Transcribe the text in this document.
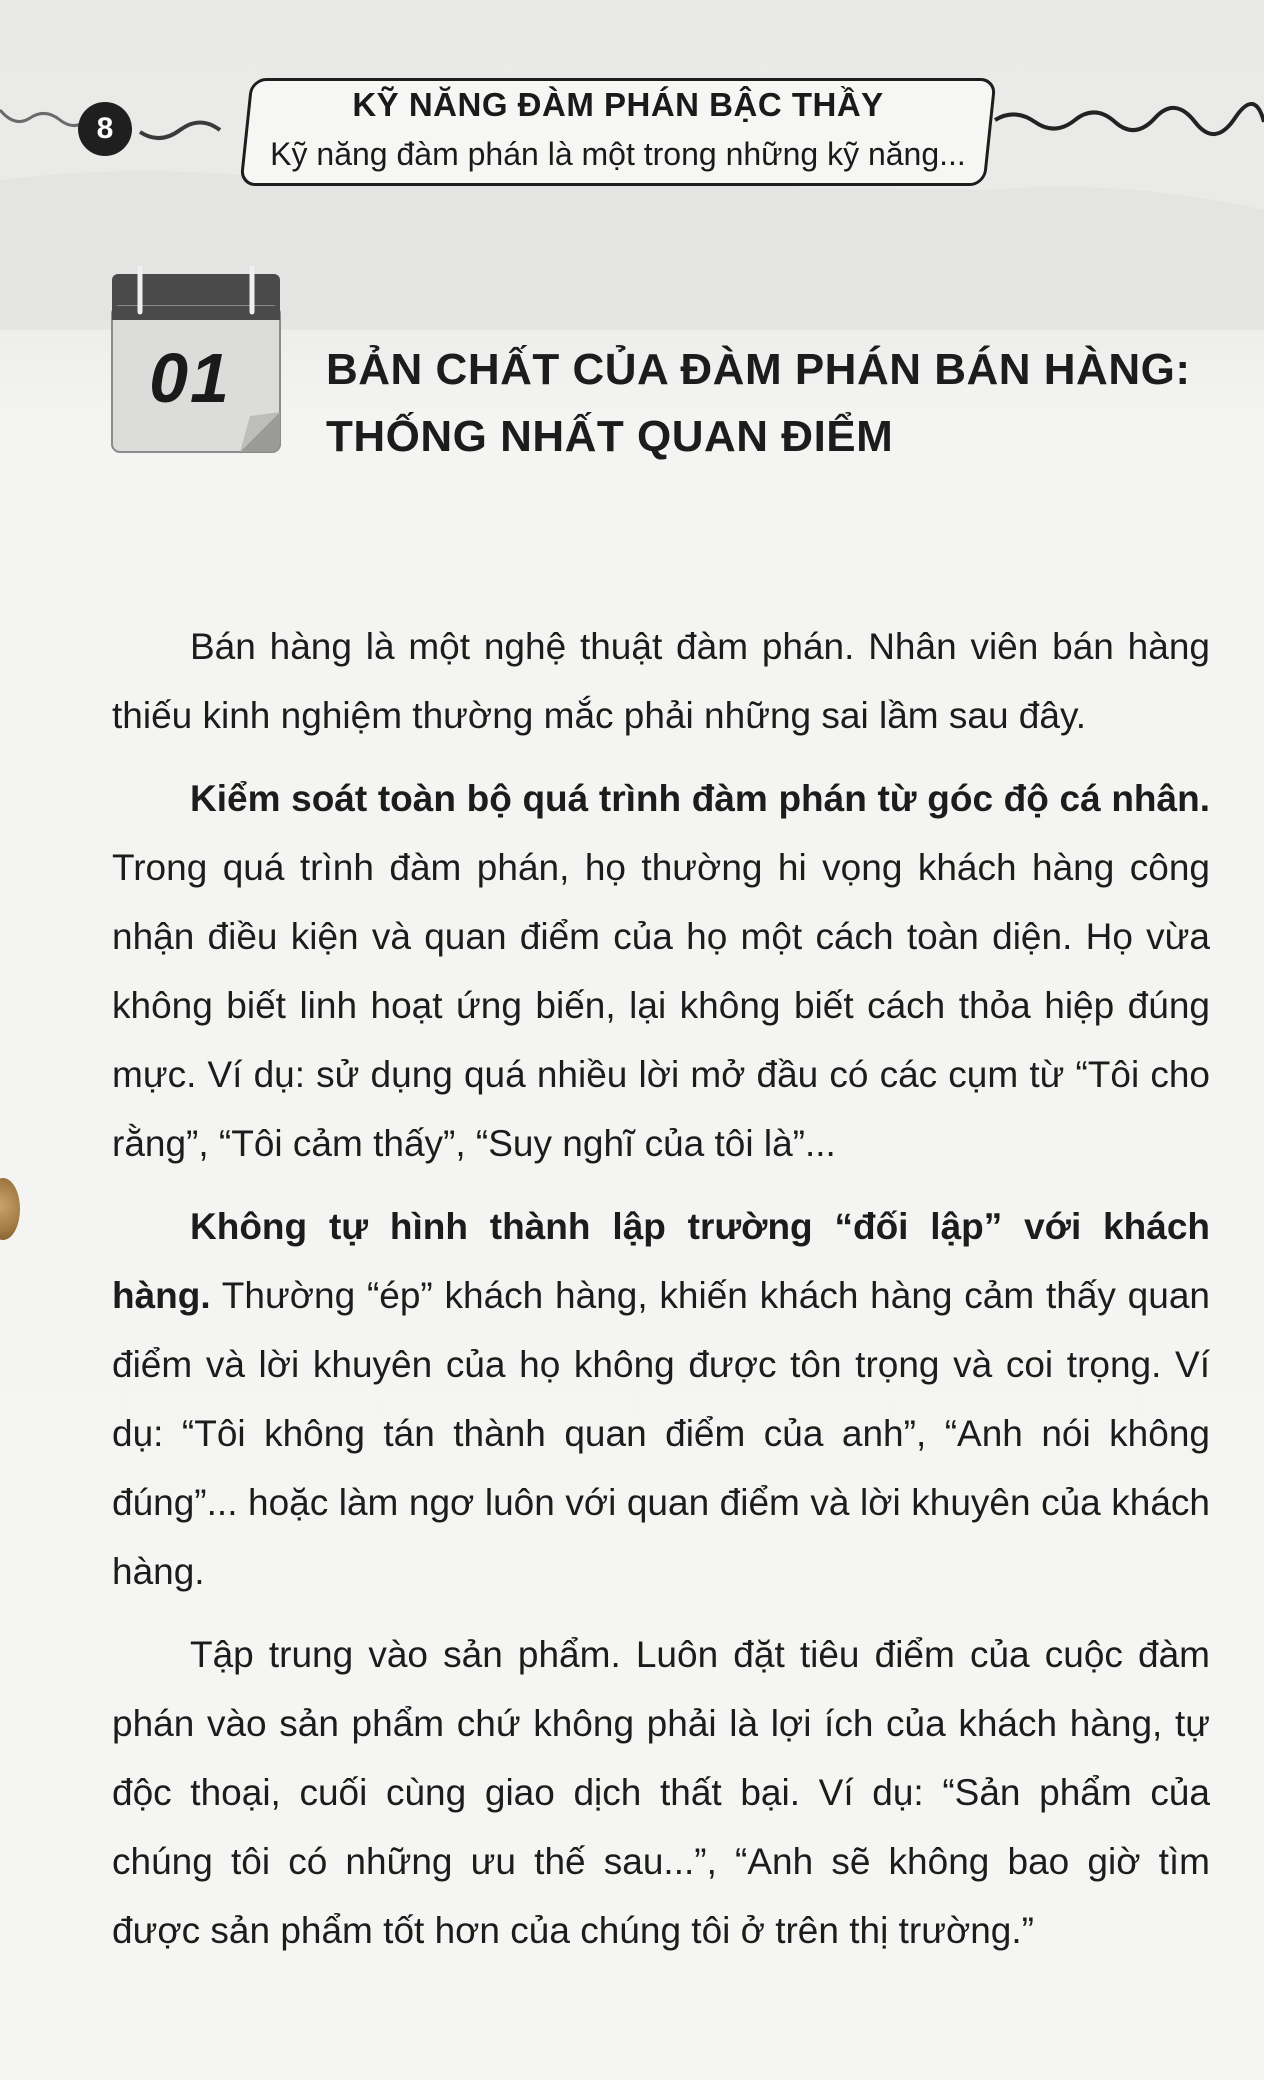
8
KỸ NĂNG ĐÀM PHÁN BẬC THẦY
Kỹ năng đàm phán là một trong những kỹ năng...
01	BẢN CHẤT CỦA ĐÀM PHÁN BÁN HÀNG:
THỐNG NHẤT QUAN ĐIỂM

Bán hàng là một nghệ thuật đàm phán. Nhân viên bán hàng thiếu kinh nghiệm thường mắc phải những sai lầm sau đây.

Kiểm soát toàn bộ quá trình đàm phán từ góc độ cá nhân. Trong quá trình đàm phán, họ thường hi vọng khách hàng công nhận điều kiện và quan điểm của họ một cách toàn diện. Họ vừa không biết linh hoạt ứng biến, lại không biết cách thỏa hiệp đúng mực. Ví dụ: sử dụng quá nhiều lời mở đầu có các cụm từ “Tôi cho rằng”, “Tôi cảm thấy”, “Suy nghĩ của tôi là”...

Không tự hình thành lập trường “đối lập” với khách hàng. Thường “ép” khách hàng, khiến khách hàng cảm thấy quan điểm và lời khuyên của họ không được tôn trọng và coi trọng. Ví dụ: “Tôi không tán thành quan điểm của anh”, “Anh nói không đúng”... hoặc làm ngơ luôn với quan điểm và lời khuyên của khách hàng.

Tập trung vào sản phẩm. Luôn đặt tiêu điểm của cuộc đàm phán vào sản phẩm chứ không phải là lợi ích của khách hàng, tự độc thoại, cuối cùng giao dịch thất bại. Ví dụ: “Sản phẩm của chúng tôi có những ưu thế sau...”, “Anh sẽ không bao giờ tìm được sản phẩm tốt hơn của chúng tôi ở trên thị trường.”
